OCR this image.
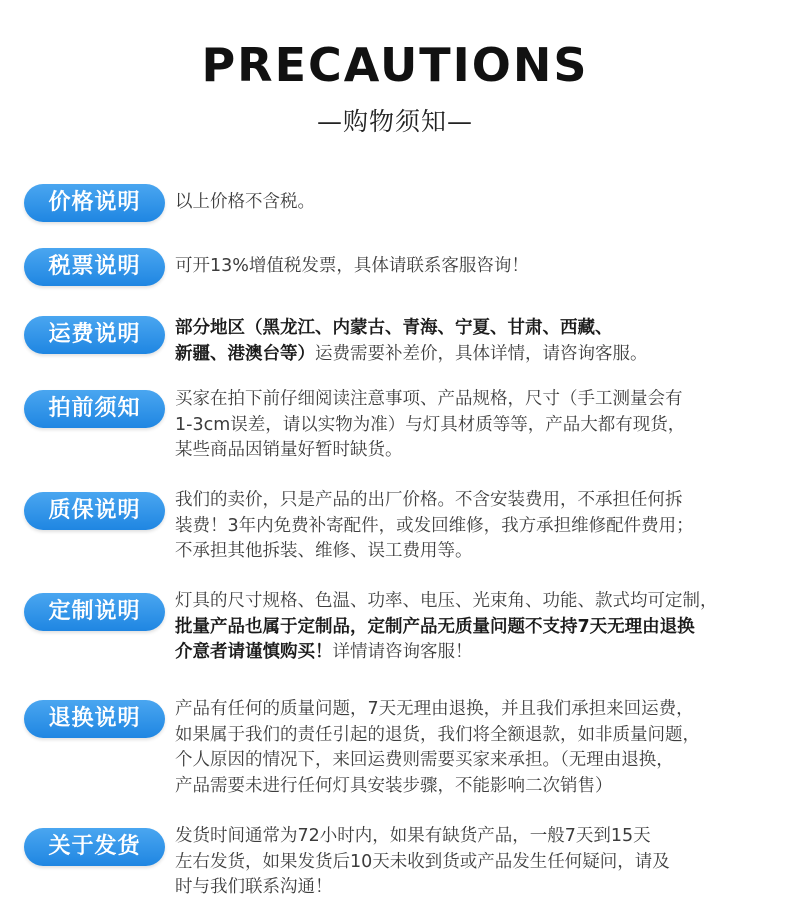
PRECAUTIONS
—购物须知—
价格说明	以上价格不含税。
税票说明	可开13%增值税发票，具体请联系客服咨询！
运费说明	部分地区（黑龙江、内蒙古、青海、宁夏、甘肃、西藏、
新疆、港澳台等）运费需要补差价，具体详情，请咨询客服。
拍前须知	买家在拍下前仔细阅读注意事项、产品规格，尺寸（手工测量会有
1-3cm误差，请以实物为准）与灯具材质等等，产品大都有现货，
某些商品因销量好暂时缺货。
质保说明	我们的卖价，只是产品的出厂价格。不含安装费用，不承担任何拆
装费！3年内免费补寄配件，或发回维修，我方承担维修配件费用；
不承担其他拆装、维修、误工费用等。
定制说明	灯具的尺寸规格、色温、功率、电压、光束角、功能、款式均可定制，
批量产品也属于定制品，定制产品无质量问题不支持7天无理由退换
介意者请谨慎购买！详情请咨询客服！
退换说明	产品有任何的质量问题，7天无理由退换，并且我们承担来回运费，
如果属于我们的责任引起的退货，我们将全额退款，如非质量问题，
个人原因的情况下，来回运费则需要买家来承担。（无理由退换，
产品需要未进行任何灯具安装步骤，不能影响二次销售）
关于发货	发货时间通常为72小时内，如果有缺货产品，一般7天到15天
左右发货，如果发货后10天未收到货或产品发生任何疑问，请及
时与我们联系沟通！
